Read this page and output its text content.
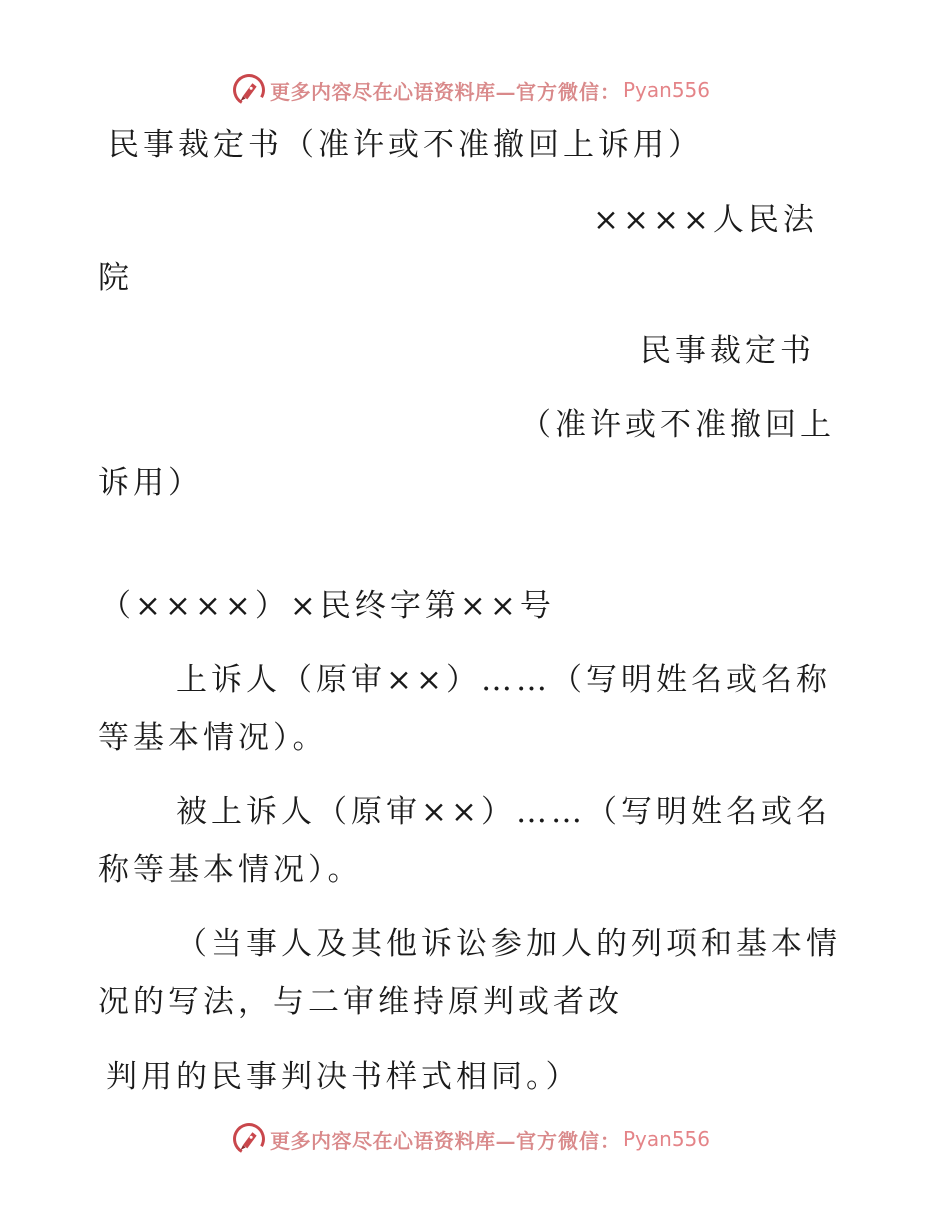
更多内容尽在心语资料库— 官方微信： Pyan556
民事裁定书（准许或不准撤回上诉用）
××××人民法
院
民事裁定书
（准许或不准撤回上
诉用）
（××××）×民终字第××号
上诉人（原审××）……（写明姓名或名称
等基本情况）。
被上诉人（原审××）……（写明姓名或名
称等基本情况）。
（当事人及其他诉讼参加人的列项和基本情
况的写法，与二审维持原判或者改
判用的民事判决书样式相同。）
更多内容尽在心语资料库— 官方微信： Pyan556
